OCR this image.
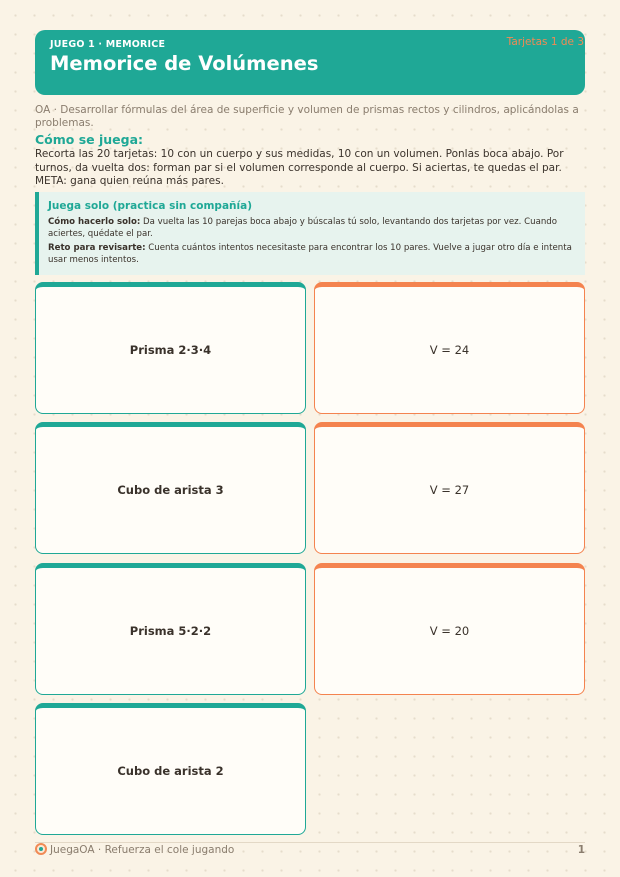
JUEGO 1 · MEMORICE
Memorice de Volúmenes
Tarjetas 1 de 3
OA · Desarrollar fórmulas del área de superficie y volumen de prismas rectos y cilindros, aplicándolas a problemas.
Cómo se juega:
Recorta las 20 tarjetas: 10 con un cuerpo y sus medidas, 10 con un volumen. Ponlas boca abajo. Por turnos, da vuelta dos: forman par si el volumen corresponde al cuerpo. Si aciertas, te quedas el par. META: gana quien reúna más pares.
Juega solo (practica sin compañía)
Cómo hacerlo solo: Da vuelta las 10 parejas boca abajo y búscalas tú solo, levantando dos tarjetas por vez. Cuando aciertes, quédate el par.
Reto para revisarte: Cuenta cuántos intentos necesitaste para encontrar los 10 pares. Vuelve a jugar otro día e intenta usar menos intentos.
Prisma 2·3·4	V = 24
Cubo de arista 3	V = 27
Prisma 5·2·2	V = 20
Cubo de arista 2
JuegaOA · Refuerza el cole jugando	1
